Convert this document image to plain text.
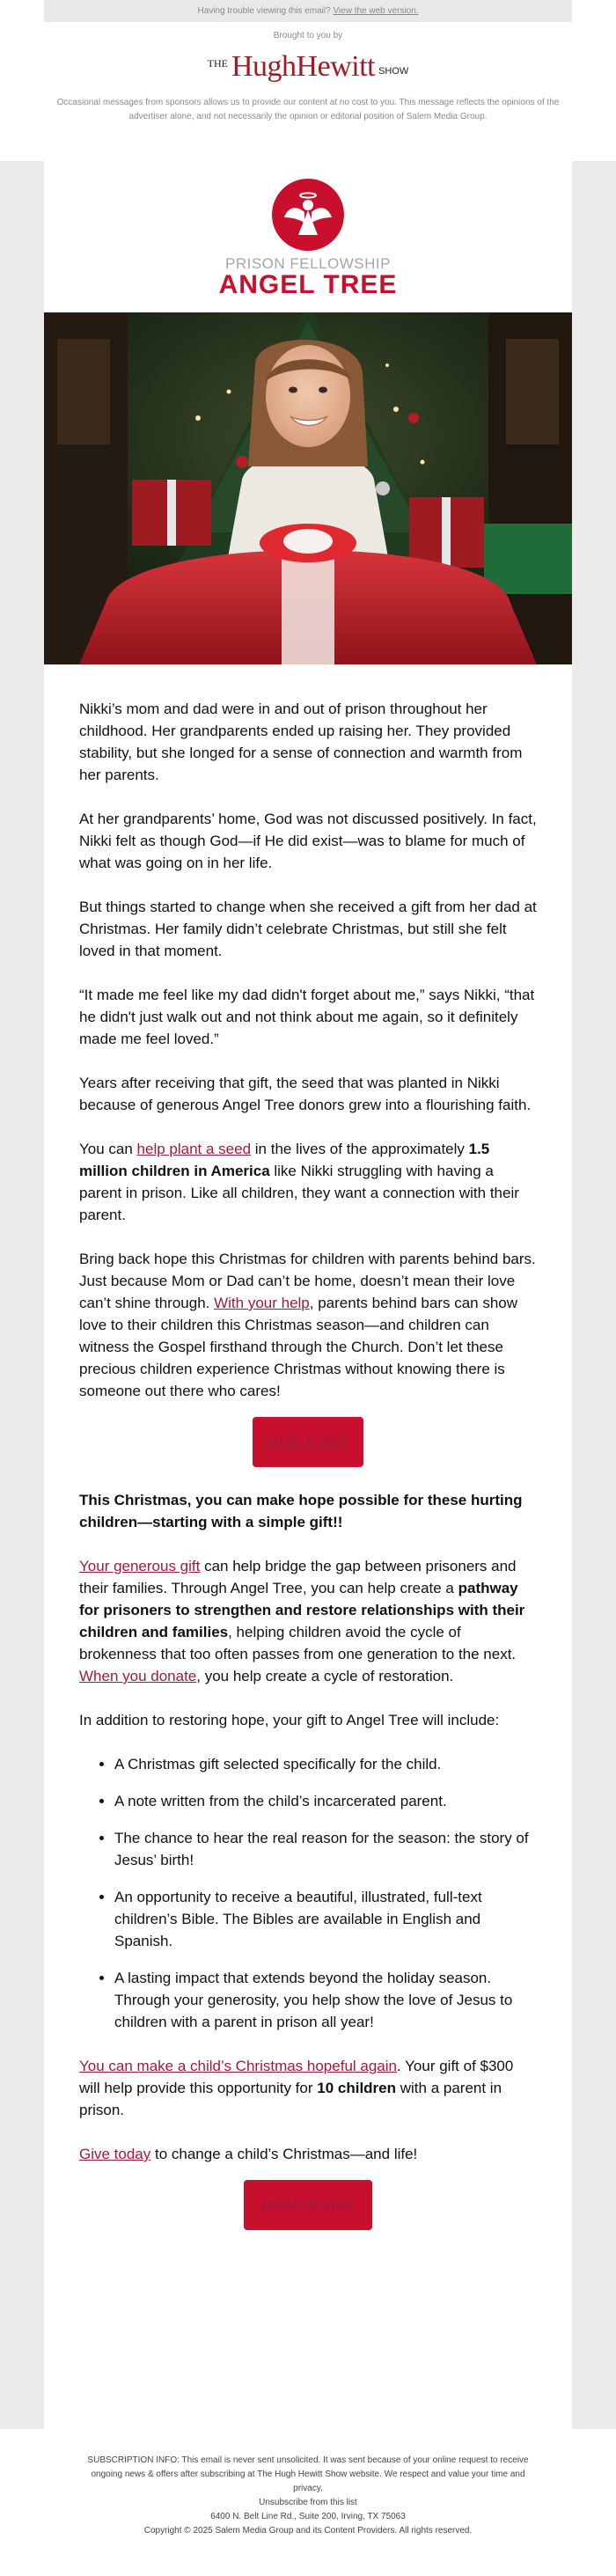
Having trouble viewing this email? View the web version.
Brought to you by
$^{THE}$ HughHewitt SHOW
Occasional messages from sponsors allows us to provide our content at no cost to you. This message reflects the opinions of the advertiser alone, and not necessarily the opinion or editorial position of Salem Media Group.
PRISON FELLOWSHIP
ANGEL TREE

Nikki’s mom and dad were in and out of prison throughout her childhood. Her grandparents ended up raising her. They provided stability, but she longed for a sense of connection and warmth from her parents.

At her grandparents’ home, God was not discussed positively. In fact, Nikki felt as though God—if He did exist—was to blame for much of what was going on in her life.

But things started to change when she received a gift from her dad at Christmas. Her family didn’t celebrate Christmas, but still she felt loved in that moment.

“It made me feel like my dad didn't forget about me,” says Nikki, “that he didn't just walk out and not think about me again, so it definitely made me feel loved.”

Years after receiving that gift, the seed that was planted in Nikki because of generous Angel Tree donors grew into a flourishing faith.

You can help plant a seed in the lives of the approximately 1.5 million children in America like Nikki struggling with having a parent in prison. Like all children, they want a connection with their parent.

Bring back hope this Christmas for children with parents behind bars. Just because Mom or Dad can’t be home, doesn’t mean their love can’t shine through. With your help, parents behind bars can show love to their children this Christmas season—and children can witness the Gospel firsthand through the Church. Don’t let these precious children experience Christmas without knowing there is someone out there who cares!

GIVE A GIFT

This Christmas, you can make hope possible for these hurting children—starting with a simple gift!!

Your generous gift can help bridge the gap between prisoners and their families. Through Angel Tree, you can help create a pathway for prisoners to strengthen and restore relationships with their children and families, helping children avoid the cycle of brokenness that too often passes from one generation to the next. When you donate, you help create a cycle of restoration.

In addition to restoring hope, your gift to Angel Tree will include:

• A Christmas gift selected specifically for the child.
• A note written from the child’s incarcerated parent.
• The chance to hear the real reason for the season: the story of Jesus’ birth!
• An opportunity to receive a beautiful, illustrated, full-text children’s Bible. The Bibles are available in English and Spanish.
• A lasting impact that extends beyond the holiday season. Through your generosity, you help show the love of Jesus to children with a parent in prison all year!

You can make a child’s Christmas hopeful again. Your gift of $300 will help provide this opportunity for 10 children with a parent in prison.

Give today to change a child’s Christmas—and life!

DONATE NOW
SUBSCRIPTION INFO: This email is never sent unsolicited. It was sent because of your online request to receive ongoing news & offers after subscribing at The Hugh Hewitt Show website. We respect and value your time and privacy.
Unsubscribe from this list
6400 N. Belt Line Rd., Suite 200, Irving, TX 75063
Copyright © 2025 Salem Media Group and its Content Providers. All rights reserved.
